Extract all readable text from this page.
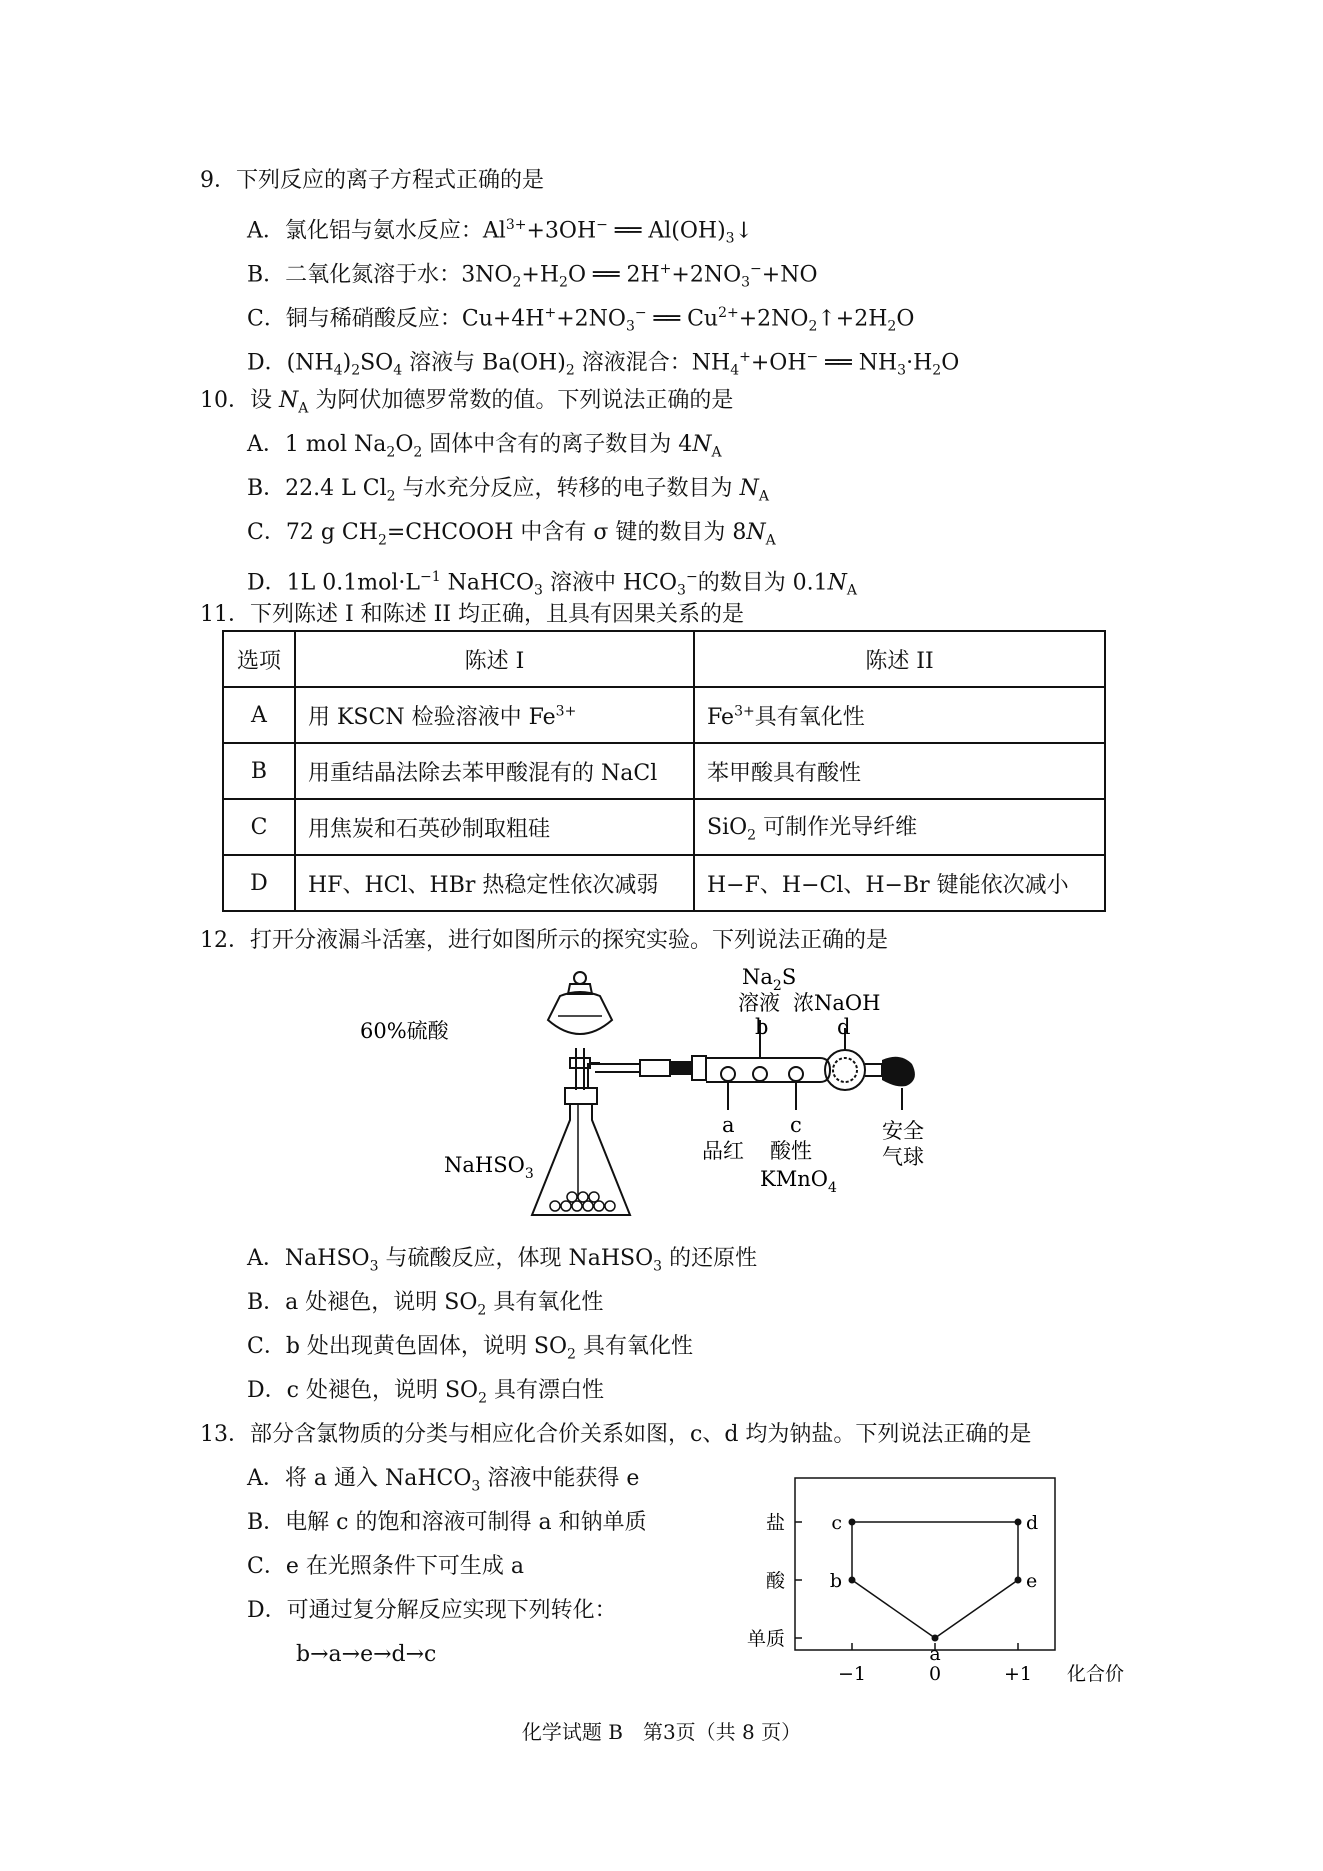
9．下列反应的离子方程式正确的是
A．氯化铝与氨水反应：$Al^{3+}+3OH^-$ ══ $Al(OH)_3↓$
B．二氧化氮溶于水：$3NO_2+H_2O$ ══ $2H^++2NO_3^-+NO$
C．铜与稀硝酸反应：$Cu+4H^++2NO_3^-$ ══ $Cu^{2+}+2NO_2↑+2H_2O$
D．$(NH_4)_2SO_4$ 溶液与 $Ba(OH)_2$ 溶液混合：$NH_4^++OH^-$ ══ $NH_3\cdot H_2O$
10．设 $N_A$ 为阿伏加德罗常数的值。下列说法正确的是
A．1 mol $Na_2O_2$ 固体中含有的离子数目为 $4N_A$
B．22.4 L $Cl_2$ 与水充分反应，转移的电子数目为 $N_A$
C．72 g $CH_2=CHCOOH$ 中含有 σ 键的数目为 $8N_A$
D．1L $0.1mol\cdot L^{-1}$ NaHCO$_3$ 溶液中 $HCO_3^-$的数目为 $0.1N_A$
11．下列陈述 I 和陈述 II 均正确，且具有因果关系的是
选项	陈述 I	陈述 II
A	用 KSCN 检验溶液中 $Fe^{3+}$	$Fe^{3+}$具有氧化性
B	用重结晶法除去苯甲酸混有的 NaCl	苯甲酸具有酸性
C	用焦炭和石英砂制取粗硅	SiO$_2$ 可制作光导纤维
D	HF、HCl、HBr 热稳定性依次减弱	H−F、H−Cl、H−Br 键能依次减小
12．打开分液漏斗活塞，进行如图所示的探究实验。下列说法正确的是
60%硫酸
$Na_2S$
溶液
b
浓NaOH
d
a	c
品红 酸性
KMnO$_4$
安全
气球
NaHSO$_3$
A．NaHSO$_3$ 与硫酸反应，体现 NaHSO$_3$ 的还原性
B．a 处褪色，说明 $SO_2$ 具有氧化性
C．b 处出现黄色固体，说明 $SO_2$ 具有氧化性
D．c 处褪色，说明 $SO_2$ 具有漂白性
13．部分含氯物质的分类与相应化合价关系如图，c、d 均为钠盐。下列说法正确的是
A．将 a 通入 NaHCO$_3$ 溶液中能获得 e
B．电解 c 的饱和溶液可制得 a 和钠单质
C．e 在光照条件下可生成 a
D．可通过复分解反应实现下列转化：
b→a→e→d→c
单质
酸
盐
−1	0	+1 化合价
a
b
c	d
e
化学试题 B　第3页（共 8 页）
